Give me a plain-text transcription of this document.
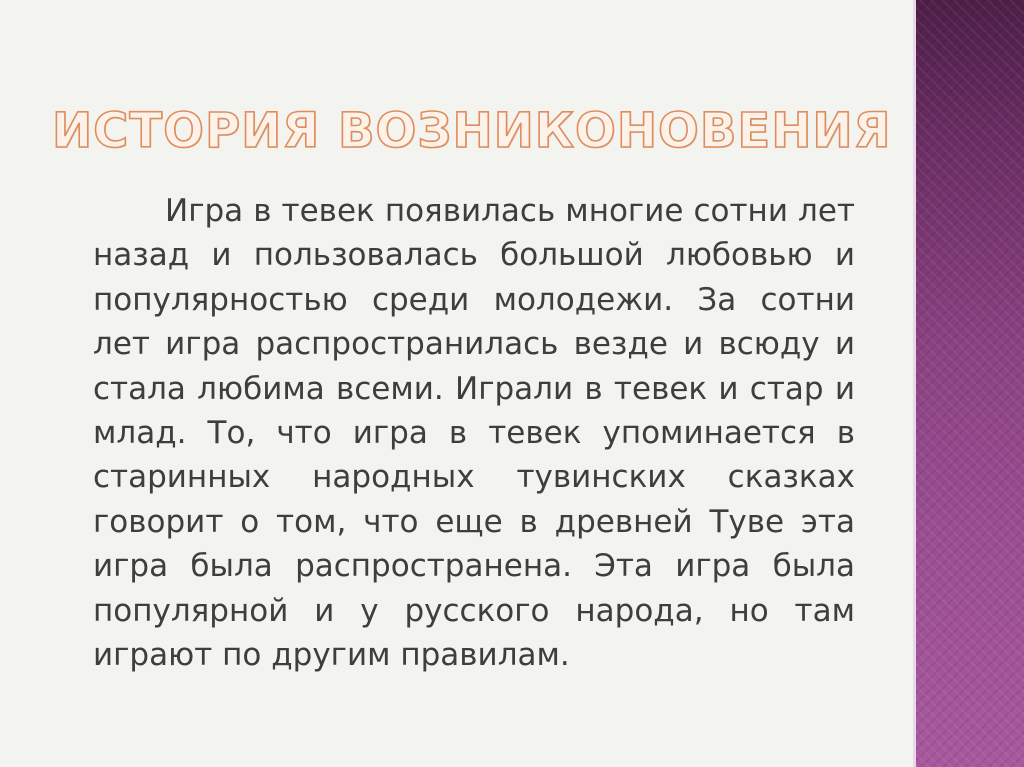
ИСТОРИЯ ВОЗНИКОНОВЕНИЯ

Игра в тевек появилась многие сотни лет назад и пользовалась большой любовью и популярностью среди молодежи. За сотни лет игра распространилась везде и всюду и стала любима всеми. Играли в тевек и стар и млад. То, что игра в тевек упоминается в старинных народных тувинских сказках говорит о том, что еще в древней Туве эта игра была распространена. Эта игра была популярной и у русского народа, но там играют по другим правилам.
